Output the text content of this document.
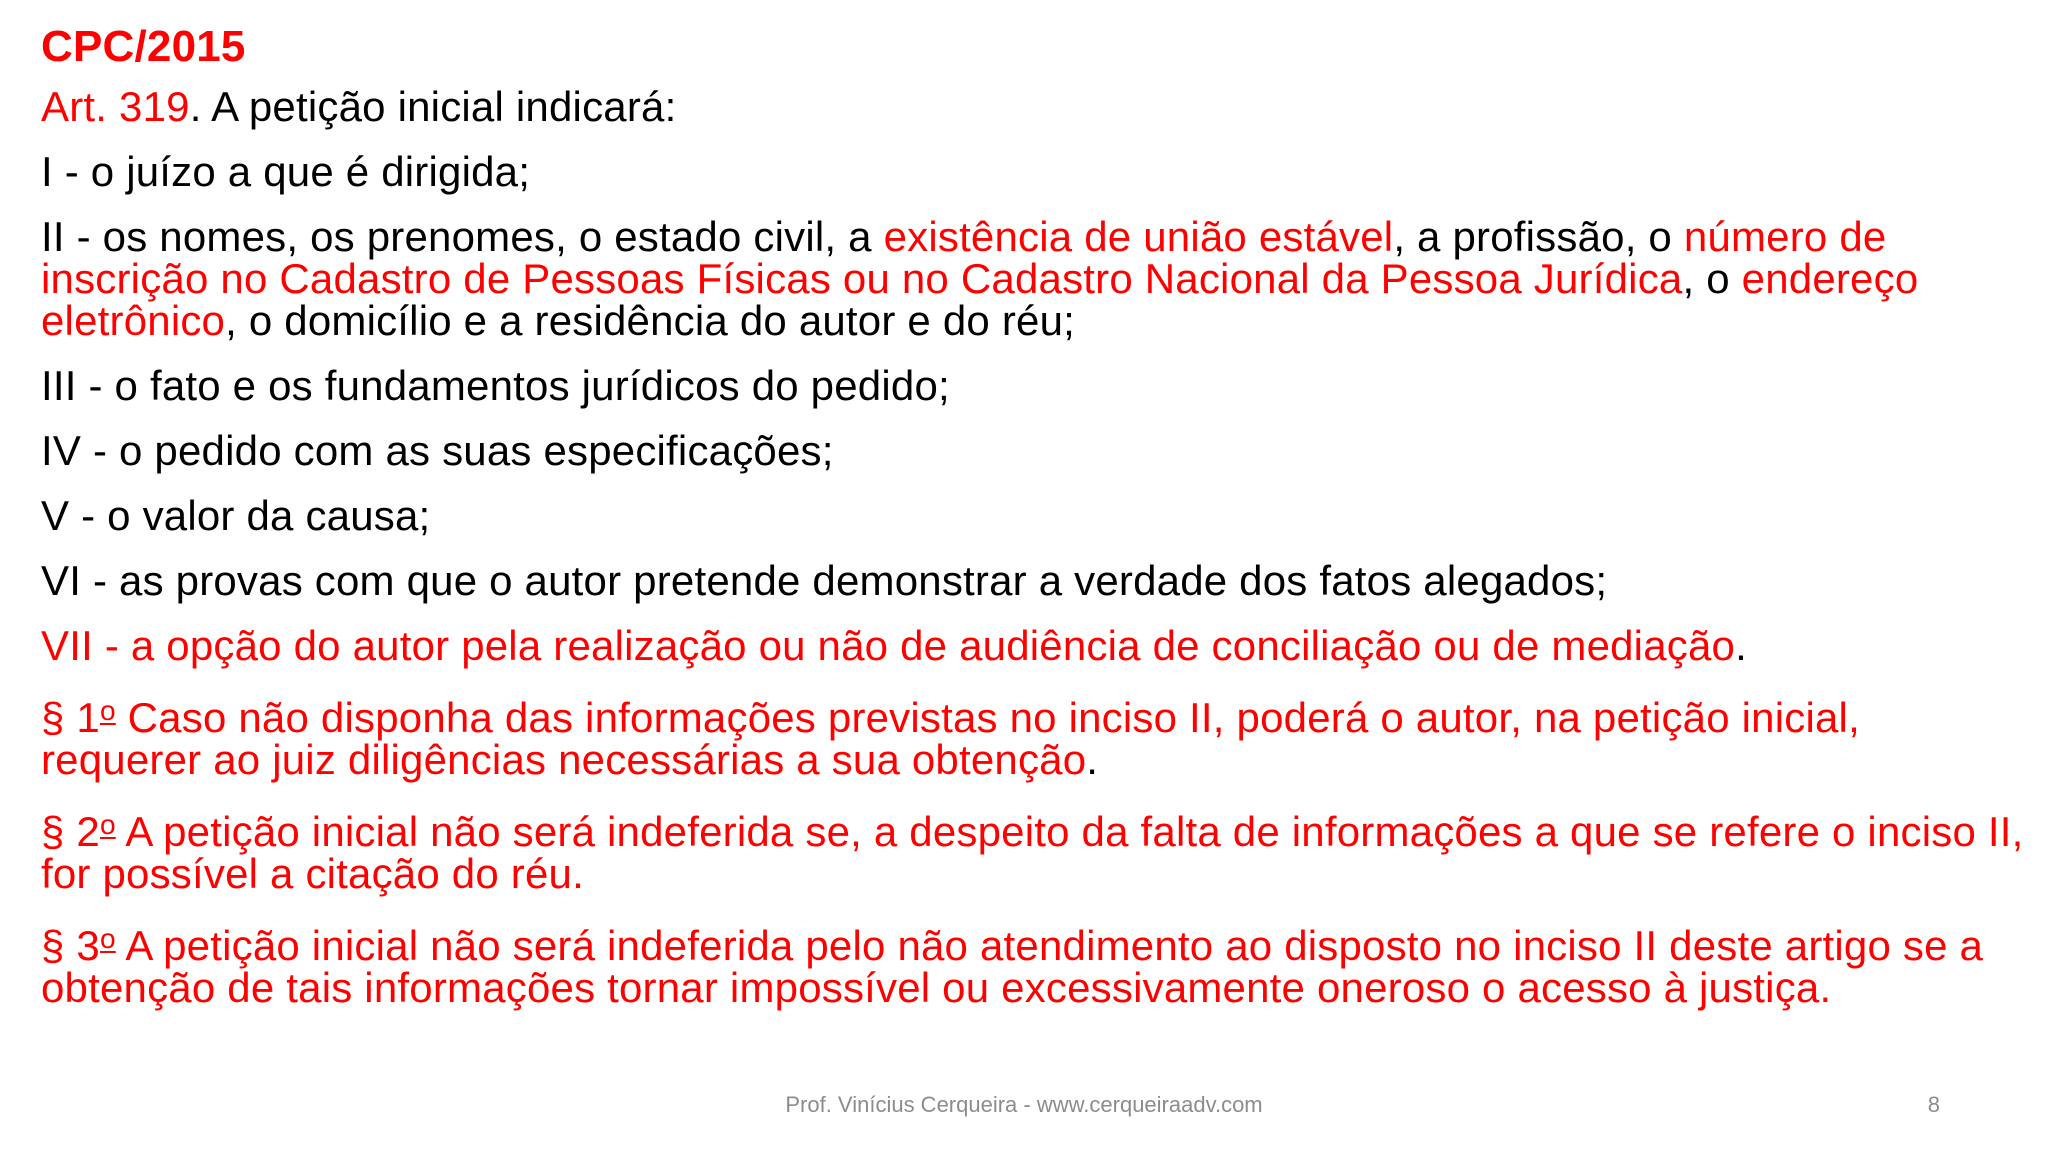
CPC/2015
Art. 319. A petição inicial indicará:
I - o juízo a que é dirigida;
II - os nomes, os prenomes, o estado civil, a existência de união estável, a profissão, o número de inscrição no Cadastro de Pessoas Físicas ou no Cadastro Nacional da Pessoa Jurídica, o endereço eletrônico, o domicílio e a residência do autor e do réu;
III - o fato e os fundamentos jurídicos do pedido;
IV - o pedido com as suas especificações;
V - o valor da causa;
VI - as provas com que o autor pretende demonstrar a verdade dos fatos alegados;
VII - a opção do autor pela realização ou não de audiência de conciliação ou de mediação.
§ 1$^o$ Caso não disponha das informações previstas no inciso II, poderá o autor, na petição inicial, requerer ao juiz diligências necessárias a sua obtenção.
§ 2$^o$ A petição inicial não será indeferida se, a despeito da falta de informações a que se refere o inciso II, for possível a citação do réu.
§ 3$^o$ A petição inicial não será indeferida pelo não atendimento ao disposto no inciso II deste artigo se a obtenção de tais informações tornar impossível ou excessivamente oneroso o acesso à justiça.
Prof. Vinícius Cerqueira - www.cerqueiraadv.com	8
